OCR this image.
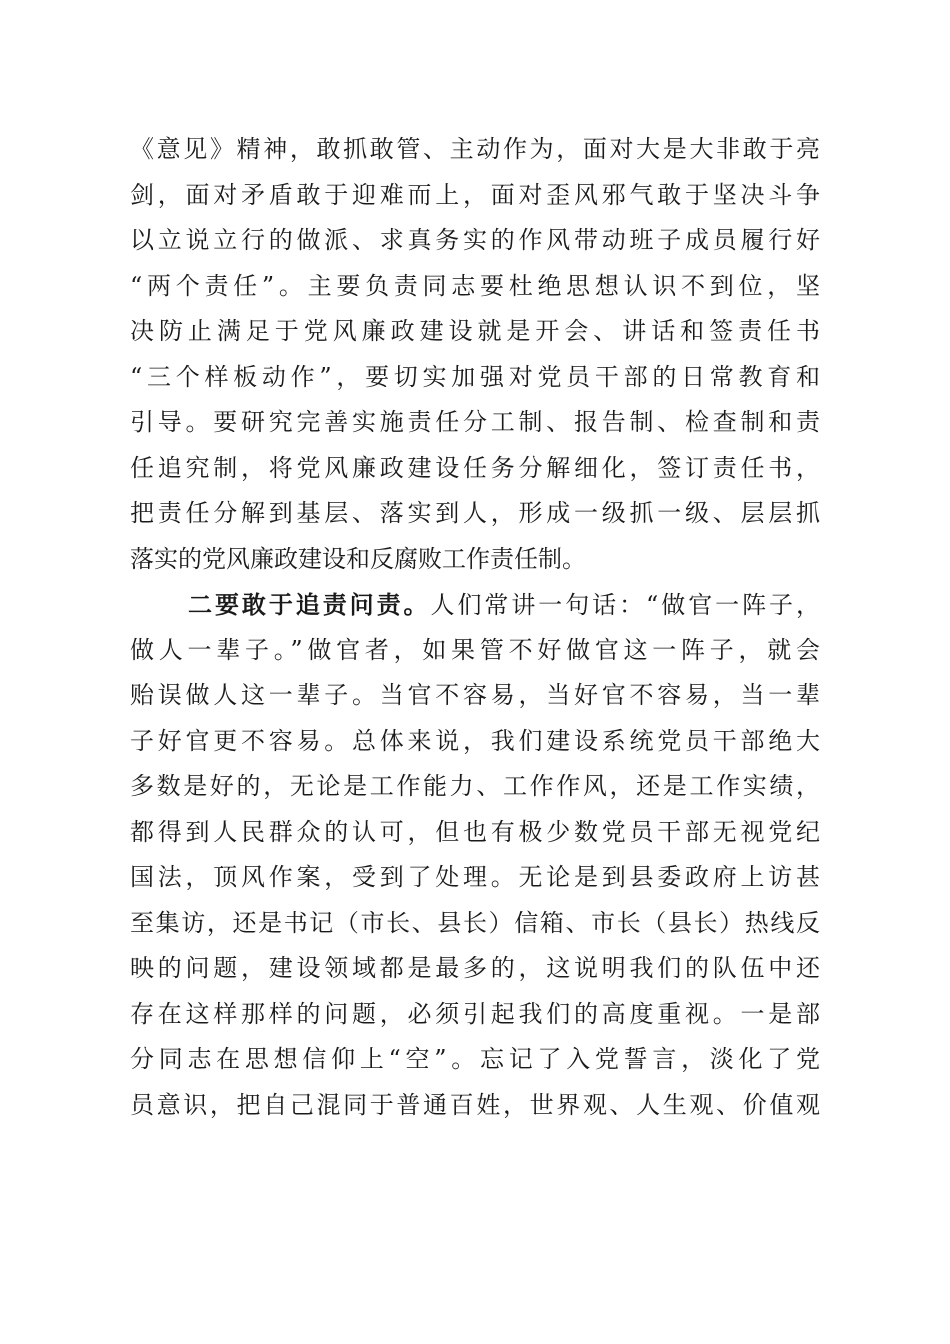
《意见》精神，敢抓敢管、主动作为，面对大是大非敢于亮
剑，面对矛盾敢于迎难而上，面对歪风邪气敢于坚决斗争
以立说立行的做派、求真务实的作风带动班子成员履行好
“两个责任”。主要负责同志要杜绝思想认识不到位，坚
决防止满足于党风廉政建设就是开会、讲话和签责任书
“三个样板动作”，要切实加强对党员干部的日常教育和
引导。要研究完善实施责任分工制、报告制、检查制和责
任追究制，将党风廉政建设任务分解细化，签订责任书，
把责任分解到基层、落实到人，形成一级抓一级、层层抓
落实的党风廉政建设和反腐败工作责任制。
二要敢于追责问责。人们常讲一句话：“做官一阵子，
做人一辈子。”做官者，如果管不好做官这一阵子，就会
贻误做人这一辈子。当官不容易，当好官不容易，当一辈
子好官更不容易。总体来说，我们建设系统党员干部绝大
多数是好的，无论是工作能力、工作作风，还是工作实绩，
都得到人民群众的认可，但也有极少数党员干部无视党纪
国法，顶风作案，受到了处理。无论是到县委政府上访甚
至集访，还是书记（市长、县长）信箱、市长（县长）热线反
映的问题，建设领域都是最多的，这说明我们的队伍中还
存在这样那样的问题，必须引起我们的高度重视。一是部
分同志在思想信仰上“空”。忘记了入党誓言，淡化了党
员意识，把自己混同于普通百姓，世界观、人生观、价值观
